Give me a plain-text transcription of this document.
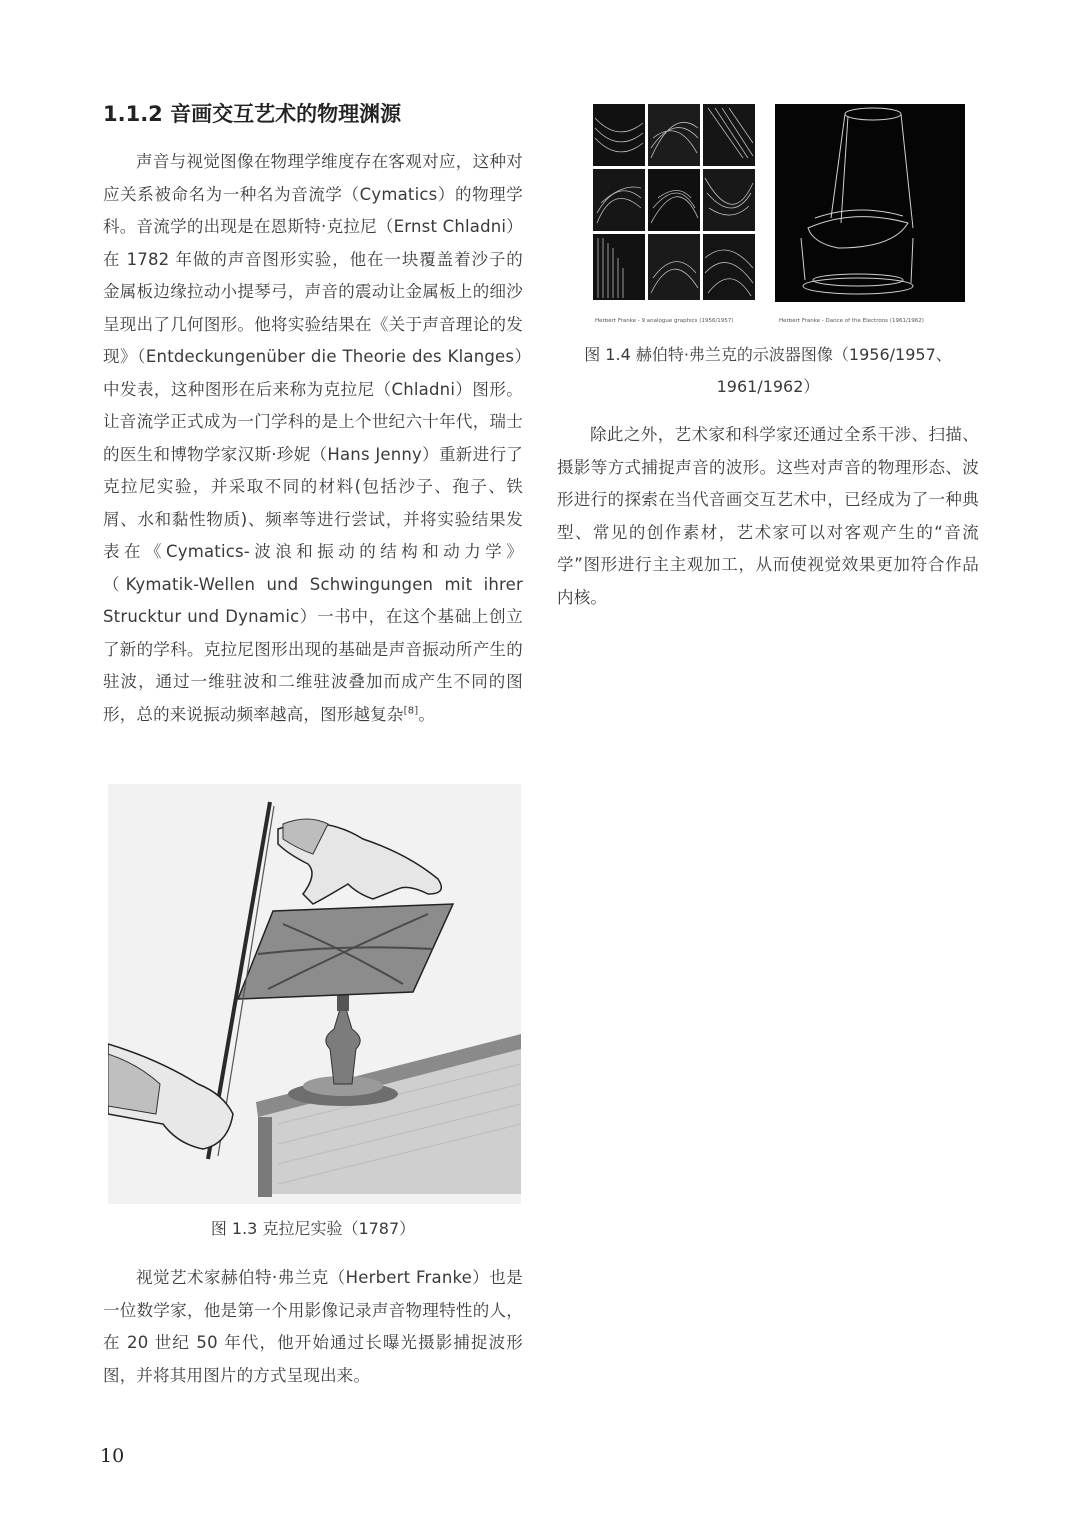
1.1.2 音画交互艺术的物理渊源

声音与视觉图像在物理学维度存在客观对应，这种对应关系被命名为一种名为音流学（Cymatics）的物理学科。音流学的出现是在恩斯特·克拉尼（Ernst Chladni） 在 1782 年做的声音图形实验，他在一块覆盖着沙子的金属板边缘拉动小提琴弓，声音的震动让金属板上的细沙呈现出了几何图形。他将实验结果在《关于声音理论的发现》（Entdeckungenüber die Theorie des Klanges）中发表，这种图形在后来称为克拉尼（Chladni）图形。让音流学正式成为一门学科的是上个世纪六十年代，瑞士的医生和博物学家汉斯·珍妮（Hans Jenny）重新进行了克拉尼实验，并采取不同的材料(包括沙子、孢子、铁屑、水和黏性物质)、频率等进行尝试，并将实验结果发表在《Cymatics-波浪和振动的结构和动力学》（Kymatik-Wellen und Schwingungen mit ihrer Strucktur und Dynamic）一书中，在这个基础上创立了新的学科。克拉尼图形出现的基础是声音振动所产生的驻波，通过一维驻波和二维驻波叠加而成产生不同的图形，总的来说振动频率越高，图形越复杂[8]。

图 1.3 克拉尼实验（1787）

视觉艺术家赫伯特·弗兰克（Herbert Franke）也是一位数学家，他是第一个用影像记录声音物理特性的人，在 20 世纪 50 年代，他开始通过长曝光摄影捕捉波形图，并将其用图片的方式呈现出来。

Herbert Franke - 9 analogue graphics (1956/1957)	Herbert Franke - Dance of the Electrons (1961/1962)

图 1.4 赫伯特·弗兰克的示波器图像（1956/1957、1961/1962）

除此之外，艺术家和科学家还通过全系干涉、扫描、摄影等方式捕捉声音的波形。这些对声音的物理形态、波形进行的探索在当代音画交互艺术中，已经成为了一种典型、常见的创作素材，艺术家可以对客观产生的“音流学”图形进行主主观加工，从而使视觉效果更加符合作品内核。

10
